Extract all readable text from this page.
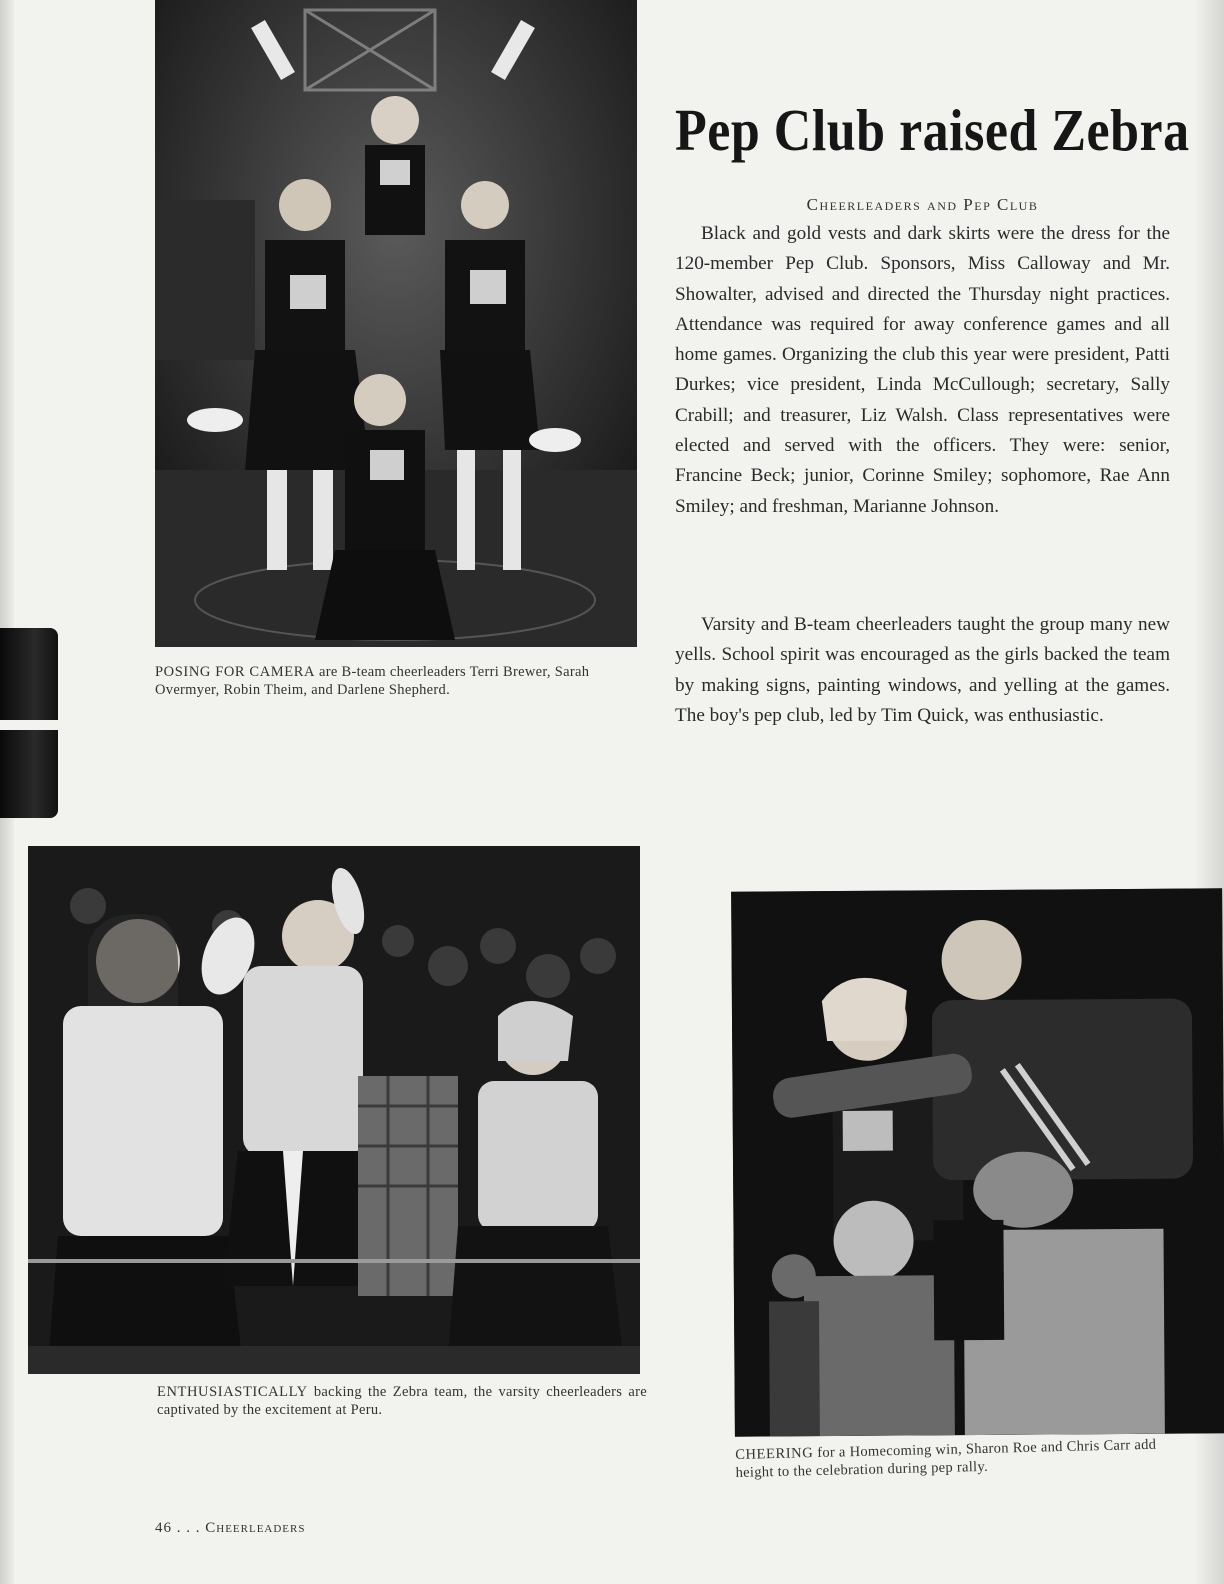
POSING FOR CAMERA are B-team cheerleaders Terri Brewer, Sarah Overmyer, Robin Theim, and Darlene Shepherd.
Pep Club raised Zebra
Cheerleaders and Pep Club

Black and gold vests and dark skirts were the dress for the 120-member Pep Club. Sponsors, Miss Calloway and Mr. Showalter, advised and directed the Thursday night practices. Attendance was required for away conference games and all home games. Organizing the club this year were president, Patti Durkes; vice president, Linda McCullough; secretary, Sally Crabill; and treasurer, Liz Walsh. Class representatives were elected and served with the officers. They were: senior, Francine Beck; junior, Corinne Smiley; sophomore, Rae Ann Smiley; and freshman, Marianne Johnson.

Varsity and B-team cheerleaders taught the group many new yells. School spirit was encouraged as the girls backed the team by making signs, painting windows, and yelling at the games. The boy's pep club, led by Tim Quick, was enthusiastic.

ENTHUSIASTICALLY backing the Zebra team, the varsity cheerleaders are captivated by the excitement at Peru.
CHEERING for a Homecoming win, Sharon Roe and Chris Carr add height to the celebration during pep rally.
46 . . . Cheerleaders
